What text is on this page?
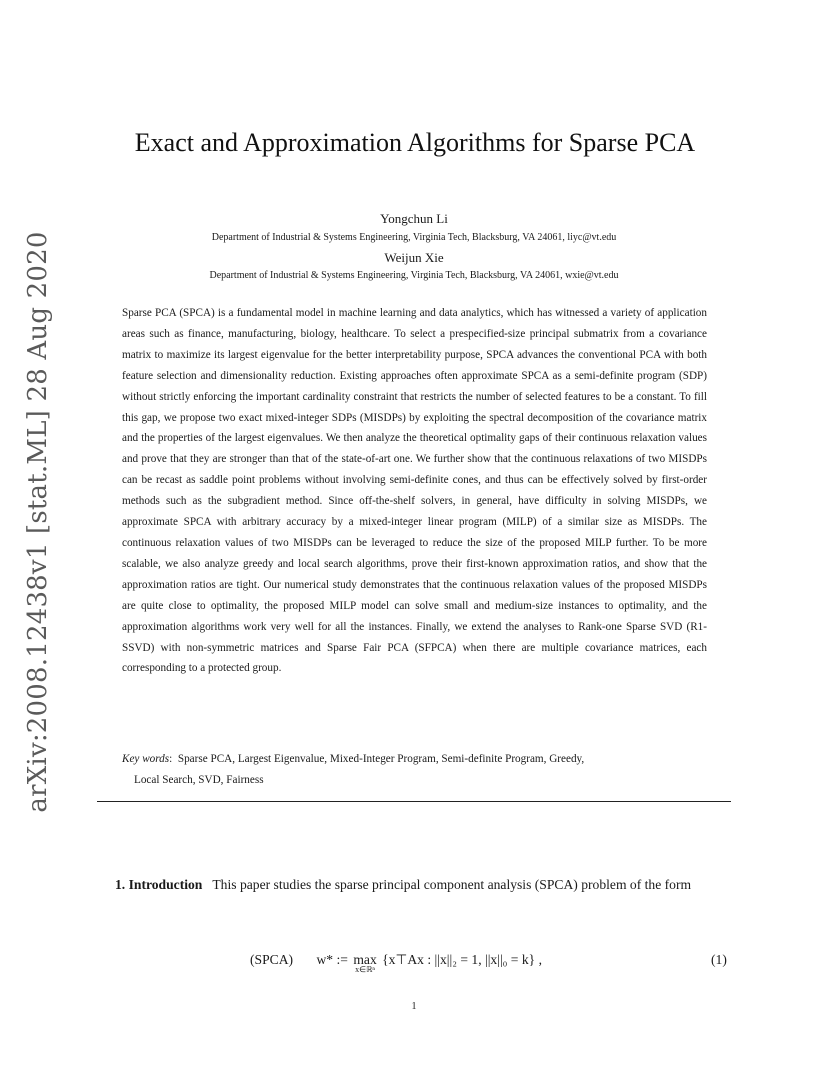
arXiv:2008.12438v1 [stat.ML] 28 Aug 2020
Exact and Approximation Algorithms for Sparse PCA
Yongchun Li
Department of Industrial & Systems Engineering, Virginia Tech, Blacksburg, VA 24061, liyc@vt.edu
Weijun Xie
Department of Industrial & Systems Engineering, Virginia Tech, Blacksburg, VA 24061, wxie@vt.edu
Sparse PCA (SPCA) is a fundamental model in machine learning and data analytics, which has witnessed a variety of application areas such as finance, manufacturing, biology, healthcare. To select a prespecified-size principal submatrix from a covariance matrix to maximize its largest eigenvalue for the better interpretability purpose, SPCA advances the conventional PCA with both feature selection and dimensionality reduction. Existing approaches often approximate SPCA as a semi-definite program (SDP) without strictly enforcing the important cardinality constraint that restricts the number of selected features to be a constant. To fill this gap, we propose two exact mixed-integer SDPs (MISDPs) by exploiting the spectral decomposition of the covariance matrix and the properties of the largest eigenvalues. We then analyze the theoretical optimality gaps of their continuous relaxation values and prove that they are stronger than that of the state-of-art one. We further show that the continuous relaxations of two MISDPs can be recast as saddle point problems without involving semi-definite cones, and thus can be effectively solved by first-order methods such as the subgradient method. Since off-the-shelf solvers, in general, have difficulty in solving MISDPs, we approximate SPCA with arbitrary accuracy by a mixed-integer linear program (MILP) of a similar size as MISDPs. The continuous relaxation values of two MISDPs can be leveraged to reduce the size of the proposed MILP further. To be more scalable, we also analyze greedy and local search algorithms, prove their first-known approximation ratios, and show that the approximation ratios are tight. Our numerical study demonstrates that the continuous relaxation values of the proposed MISDPs are quite close to optimality, the proposed MILP model can solve small and medium-size instances to optimality, and the approximation algorithms work very well for all the instances. Finally, we extend the analyses to Rank-one Sparse SVD (R1-SSVD) with non-symmetric matrices and Sparse Fair PCA (SFPCA) when there are multiple covariance matrices, each corresponding to a protected group.
Key words:  Sparse PCA, Largest Eigenvalue, Mixed-Integer Program, Semi-definite Program, Greedy,
Local Search, SVD, Fairness
1. Introduction This paper studies the sparse principal component analysis (SPCA) problem of the form
(SPCA) w* := max
x∈ℝⁿ
{x⊤Ax : ||x||₂ = 1, ||x||₀ = k} ,	(1)
1
